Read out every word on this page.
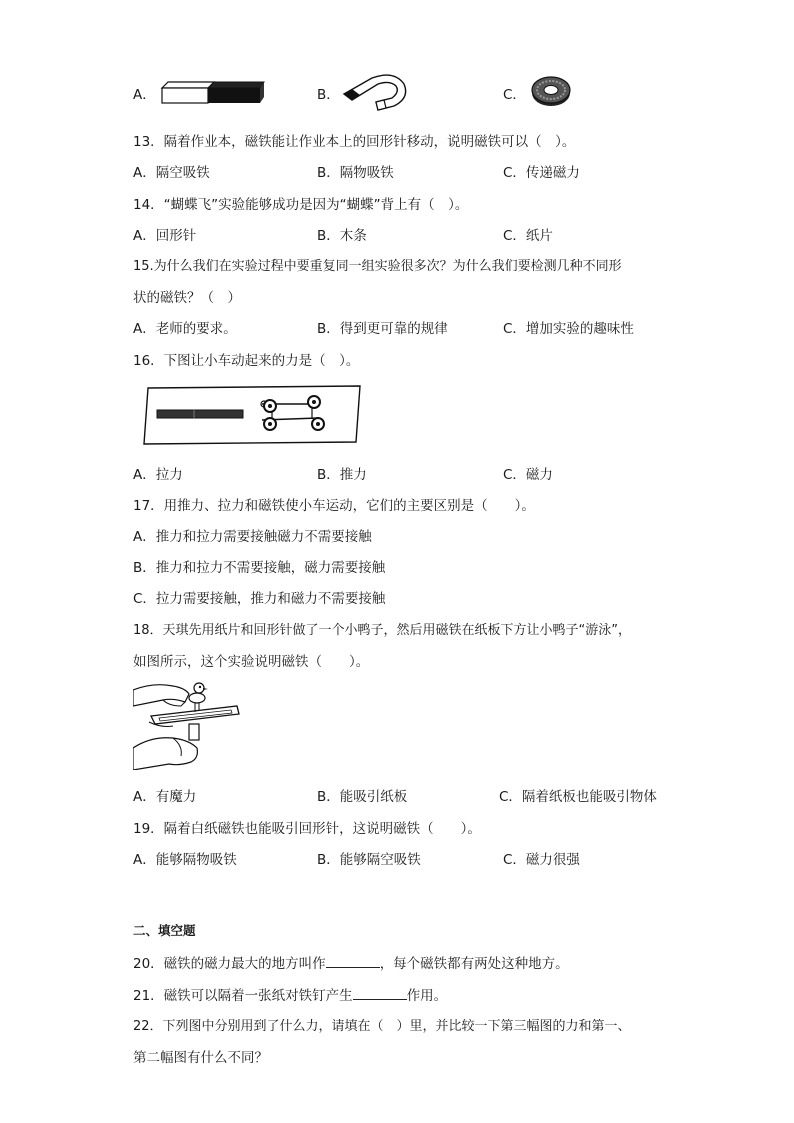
A．	B．	C．
13．隔着作业本，磁铁能让作业本上的回形针移动，说明磁铁可以（　）。
A．隔空吸铁	B．隔物吸铁	C．传递磁力
14．“蝴蝶飞”实验能够成功是因为“蝴蝶”背上有（　）。
A．回形针	B．木条	C．纸片
15.为什么我们在实验过程中要重复同一组实验很多次？为什么我们要检测几种不同形
状的磁铁？（　）
A．老师的要求。	B．得到更可靠的规律	C．增加实验的趣味性
16．下图让小车动起来的力是（　）。
A．拉力	B．推力	C．磁力
17．用推力、拉力和磁铁使小车运动，它们的主要区别是（　　）。
A．推力和拉力需要接触磁力不需要接触
B．推力和拉力不需要接触，磁力需要接触
C．拉力需要接触，推力和磁力不需要接触
18．天琪先用纸片和回形针做了一个小鸭子，然后用磁铁在纸板下方让小鸭子“游泳”，
如图所示，这个实验说明磁铁（　　）。
A．有魔力	B．能吸引纸板	C．隔着纸板也能吸引物体
19．隔着白纸磁铁也能吸引回形针，这说明磁铁（　　）。
A．能够隔物吸铁	B．能够隔空吸铁	C．磁力很强
二、填空题
20．磁铁的磁力最大的地方叫作	，每个磁铁都有两处这种地方。
21．磁铁可以隔着一张纸对铁钉产生	作用。
22．下列图中分别用到了什么力，请填在（　）里，并比较一下第三幅图的力和第一、
第二幅图有什么不同？
